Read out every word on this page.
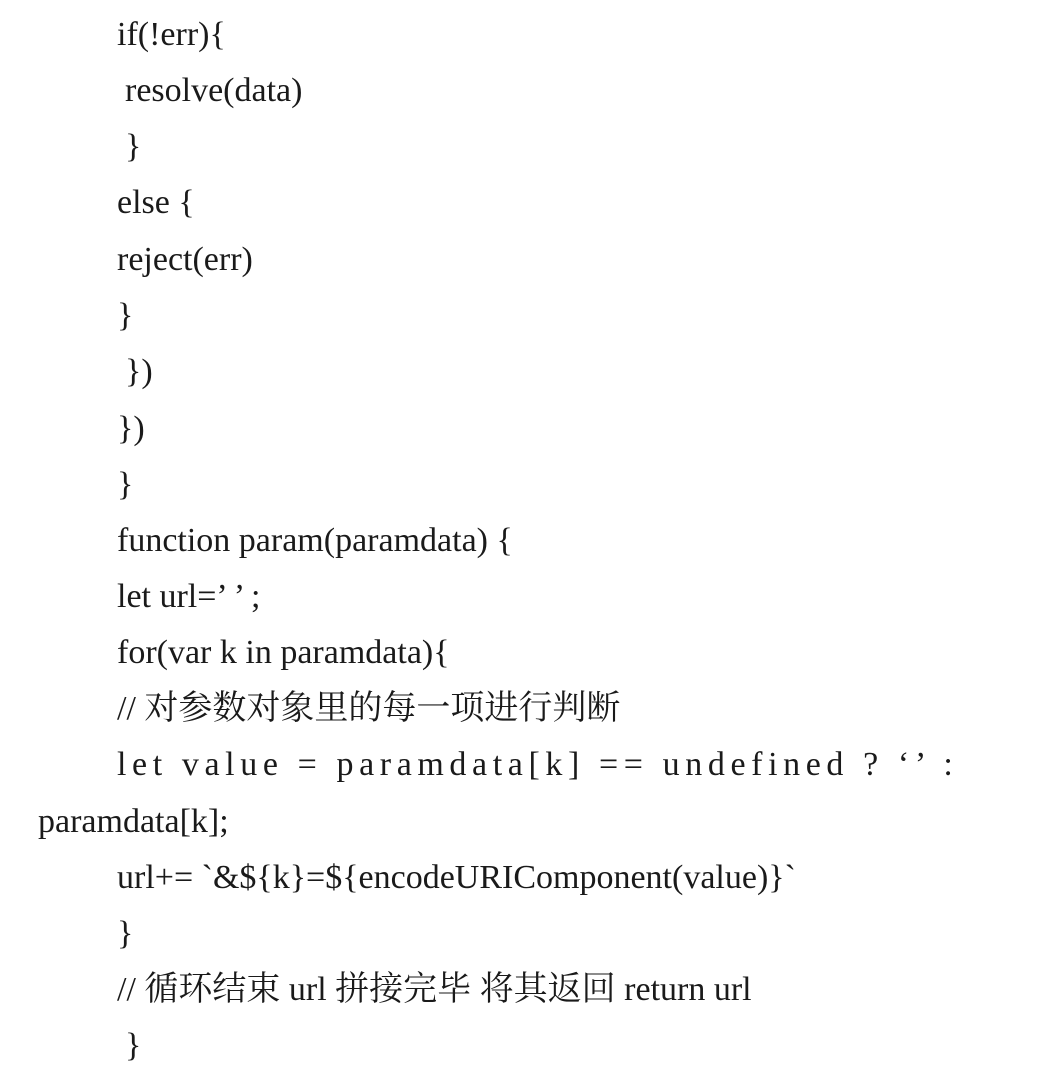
if(!err){
resolve(data)
}
else {
reject(err)
}
})
})
}
function param(paramdata) {
let url=’ ’ ;
for(var k in paramdata){
// 对参数对象里的每一项进行判断
let value = paramdata[k] == undefined ? ‘’ :
paramdata[k];
url+= `&${k}=${encodeURIComponent(value)}`
}
// 循环结束 url 拼接完毕 将其返回 return url
}
